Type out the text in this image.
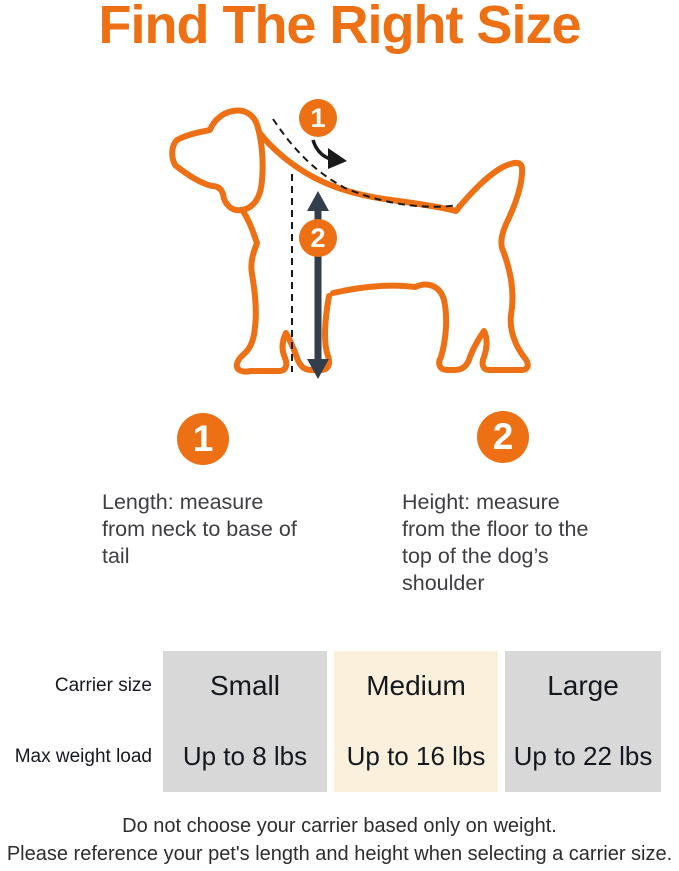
Find The Right Size
1
2
1
Length: measure
from neck to base of
tail
2
Height: measure
from the floor to the
top of the dog’s
shoulder
Carrier size
Max weight load
Small
Up to 8 lbs
Medium
Up to 16 lbs
Large
Up to 22 lbs
Do not choose your carrier based only on weight.
Please reference your pet's length and height when selecting a carrier size.
